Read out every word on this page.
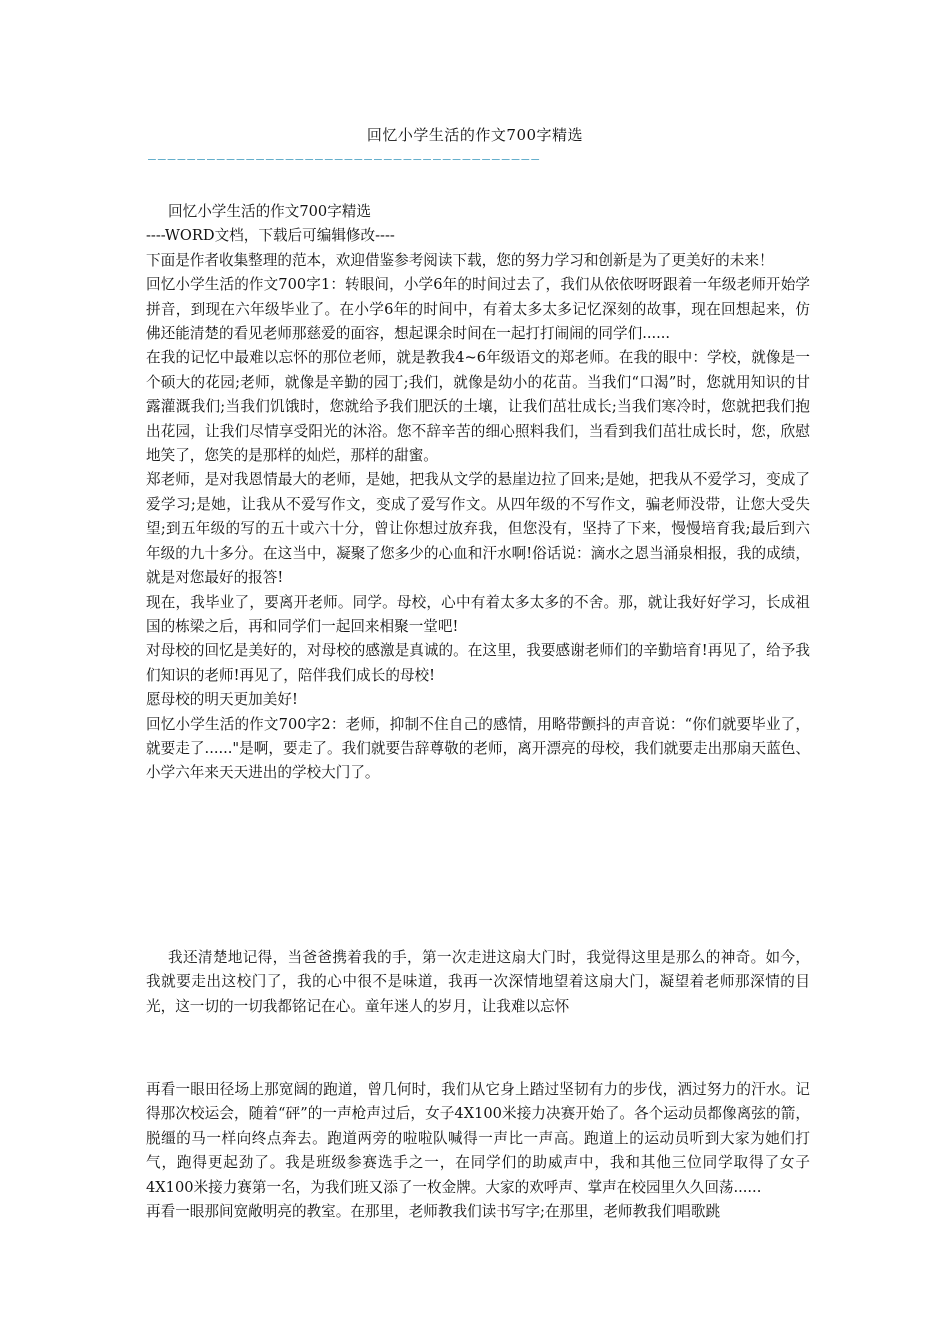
回忆小学生活的作文700字精选
————————————————————————————————————————

回忆小学生活的作文700字精选

----WORD文档，下载后可编辑修改----

下面是作者收集整理的范本，欢迎借鉴参考阅读下载，您的努力学习和创新是为了更美好的未来！

回忆小学生活的作文700字1：转眼间，小学6年的时间过去了，我们从依依呀呀跟着一年级老师开始学拼音，到现在六年级毕业了。在小学6年的时间中，有着太多太多记忆深刻的故事，现在回想起来，仿佛还能清楚的看见老师那慈爱的面容，想起课余时间在一起打打闹闹的同学们......

在我的记忆中最难以忘怀的那位老师，就是教我4~6年级语文的郑老师。在我的眼中：学校，就像是一个硕大的花园;老师，就像是辛勤的园丁;我们，就像是幼小的花苗。当我们“口渴”时，您就用知识的甘露灌溉我们;当我们饥饿时，您就给予我们肥沃的土壤，让我们茁壮成长;当我们寒冷时，您就把我们抱出花园，让我们尽情享受阳光的沐浴。您不辞辛苦的细心照料我们，当看到我们茁壮成长时，您，欣慰地笑了，您笑的是那样的灿烂，那样的甜蜜。

郑老师，是对我恩情最大的老师，是她，把我从文学的悬崖边拉了回来;是她，把我从不爱学习，变成了爱学习;是她，让我从不爱写作文，变成了爱写作文。从四年级的不写作文，骗老师没带，让您大受失望;到五年级的写的五十或六十分，曾让你想过放弃我，但您没有，坚持了下来，慢慢培育我;最后到六年级的九十多分。在这当中，凝聚了您多少的心血和汗水啊!俗话说：滴水之恩当涌泉相报，我的成绩，就是对您最好的报答!

现在，我毕业了，要离开老师。同学。母校，心中有着太多太多的不舍。那，就让我好好学习，长成祖国的栋梁之后，再和同学们一起回来相聚一堂吧!

对母校的回忆是美好的，对母校的感激是真诚的。在这里，我要感谢老师们的辛勤培育!再见了，给予我们知识的老师!再见了，陪伴我们成长的母校!

愿母校的明天更加美好!

回忆小学生活的作文700字2：老师，抑制不住自己的感情，用略带颤抖的声音说：“你们就要毕业了，就要走了......"是啊，要走了。我们就要告辞尊敬的老师，离开漂亮的母校，我们就要走出那扇天蓝色、小学六年来天天进出的学校大门了。

我还清楚地记得，当爸爸携着我的手，第一次走进这扇大门时，我觉得这里是那么的神奇。如今，我就要走出这校门了，我的心中很不是味道，我再一次深情地望着这扇大门，凝望着老师那深情的目光，这一切的一切我都铭记在心。童年迷人的岁月，让我难以忘怀

再看一眼田径场上那宽阔的跑道，曾几何时，我们从它身上踏过坚韧有力的步伐，洒过努力的汗水。记得那次校运会，随着“砰”的一声枪声过后，女子4X100米接力决赛开始了。各个运动员都像离弦的箭，脱缰的马一样向终点奔去。跑道两旁的啦啦队喊得一声比一声高。跑道上的运动员听到大家为她们打气，跑得更起劲了。我是班级参赛选手之一，在同学们的助威声中，我和其他三位同学取得了女子4X100米接力赛第一名，为我们班又添了一枚金牌。大家的欢呼声、掌声在校园里久久回荡......

再看一眼那间宽敞明亮的教室。在那里，老师教我们读书写字;在那里，老师教我们唱歌跳
